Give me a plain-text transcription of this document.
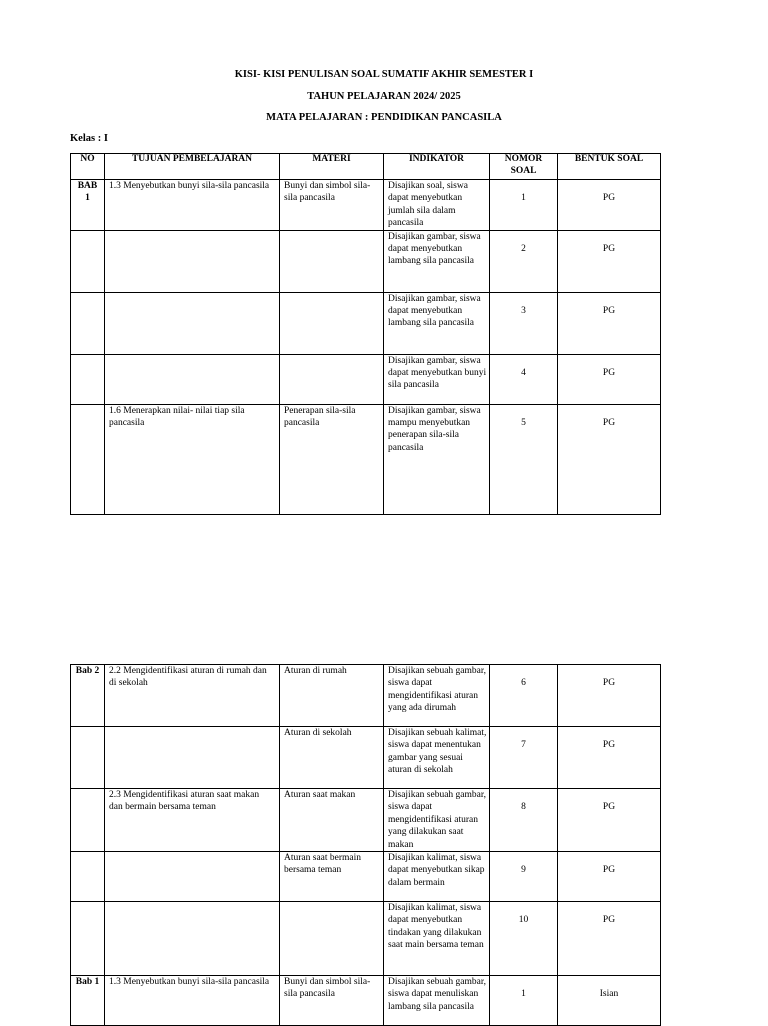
KISI- KISI PENULISAN SOAL SUMATIF AKHIR SEMESTER I
TAHUN PELAJARAN 2024/ 2025
MATA PELAJARAN : PENDIDIKAN PANCASILA
Kelas : I
NO	TUJUAN PEMBELAJARAN	MATERI	INDIKATOR	NOMOR SOAL	BENTUK SOAL
BAB 1	1.3 Menyebutkan bunyi sila-sila pancasila	Bunyi dan simbol sila-sila pancasila	Disajikan soal, siswa dapat menyebutkan jumlah sila dalam pancasila	1	PG
			Disajikan gambar, siswa dapat menyebutkan lambang sila pancasila	2	PG
			Disajikan gambar, siswa dapat menyebutkan lambang sila pancasila	3	PG
			Disajikan gambar, siswa dapat menyebutkan bunyi sila pancasila	4	PG
	1.6 Menerapkan nilai- nilai tiap sila pancasila	Penerapan sila-sila pancasila	Disajikan gambar, siswa mampu menyebutkan penerapan sila-sila pancasila	5	PG
Bab 2	2.2 Mengidentifikasi aturan di rumah dan di sekolah	Aturan di rumah	Disajikan sebuah gambar, siswa dapat mengidentifikasi aturan yang ada dirumah	6	PG
		Aturan di sekolah	Disajikan sebuah kalimat, siswa dapat menentukan gambar yang sesuai aturan di sekolah	7	PG
	2.3 Mengidentifikasi aturan saat makan dan bermain bersama teman	Aturan saat makan	Disajikan sebuah gambar, siswa dapat mengidentifikasi aturan yang dilakukan saat makan	8	PG
		Aturan saat bermain bersama teman	Disajikan kalimat, siswa dapat menyebutkan sikap dalam bermain	9	PG
			Disajikan kalimat, siswa dapat menyebutkan tindakan yang dilakukan saat main bersama teman	10	PG
Bab 1	1.3 Menyebutkan bunyi sila-sila pancasila	Bunyi dan simbol sila-sila pancasila	Disajikan sebuah gambar, siswa dapat menuliskan lambang sila pancasila	1	Isian
